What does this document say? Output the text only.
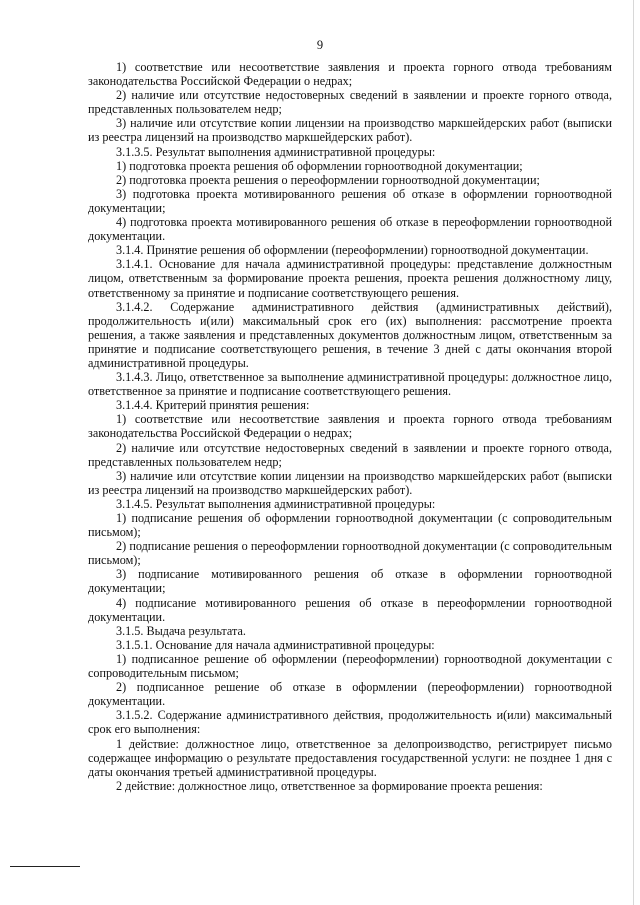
9

1) соответствие или несоответствие заявления и проекта горного отвода требованиям законодательства Российской Федерации о недрах;

2) наличие или отсутствие недостоверных сведений в заявлении и проекте горного отвода, представленных пользователем недр;

3) наличие или отсутствие копии лицензии на производство маркшейдерских работ (выписки из реестра лицензий на производство маркшейдерских работ).

3.1.3.5. Результат выполнения административной процедуры:

1) подготовка проекта решения об оформлении горноотводной документации;

2) подготовка проекта решения о переоформлении горноотводной документации;

3) подготовка проекта мотивированного решения об отказе в оформлении горноотводной документации;

4) подготовка проекта мотивированного решения об отказе в переоформлении горноотводной документации.

3.1.4. Принятие решения об оформлении (переоформлении) горноотводной документации.

3.1.4.1. Основание для начала административной процедуры: представление должностным лицом, ответственным за формирование проекта решения, проекта решения должностному лицу, ответственному за принятие и подписание соответствующего решения.

3.1.4.2. Содержание административного действия (административных действий), продолжительность и(или) максимальный срок его (их) выполнения: рассмотрение проекта решения, а также заявления и представленных документов должностным лицом, ответственным за принятие и подписание соответствующего решения, в течение 3 дней с даты окончания второй административной процедуры.

3.1.4.3. Лицо, ответственное за выполнение административной процедуры: должностное лицо, ответственное за принятие и подписание соответствующего решения.

3.1.4.4. Критерий принятия решения:

1) соответствие или несоответствие заявления и проекта горного отвода требованиям законодательства Российской Федерации о недрах;

2) наличие или отсутствие недостоверных сведений в заявлении и проекте горного отвода, представленных пользователем недр;

3) наличие или отсутствие копии лицензии на производство маркшейдерских работ (выписки из реестра лицензий на производство маркшейдерских работ).

3.1.4.5. Результат выполнения административной процедуры:

1) подписание решения об оформлении горноотводной документации (с сопроводительным письмом);

2) подписание решения о переоформлении горноотводной документации (с сопроводительным письмом);

3) подписание мотивированного решения об отказе в оформлении горноотводной документации;

4) подписание мотивированного решения об отказе в переоформлении горноотводной документации.

3.1.5. Выдача результата.

3.1.5.1. Основание для начала административной процедуры:

1) подписанное решение об оформлении (переоформлении) горноотводной документации с сопроводительным письмом;

2) подписанное решение об отказе в оформлении (переоформлении) горноотводной документации.

3.1.5.2. Содержание административного действия, продолжительность и(или) максимальный срок его выполнения:

1 действие: должностное лицо, ответственное за делопроизводство, регистрирует письмо содержащее информацию о результате предоставления государственной услуги: не позднее 1 дня с даты окончания третьей административной процедуры.

2 действие: должностное лицо, ответственное за формирование проекта решения:
